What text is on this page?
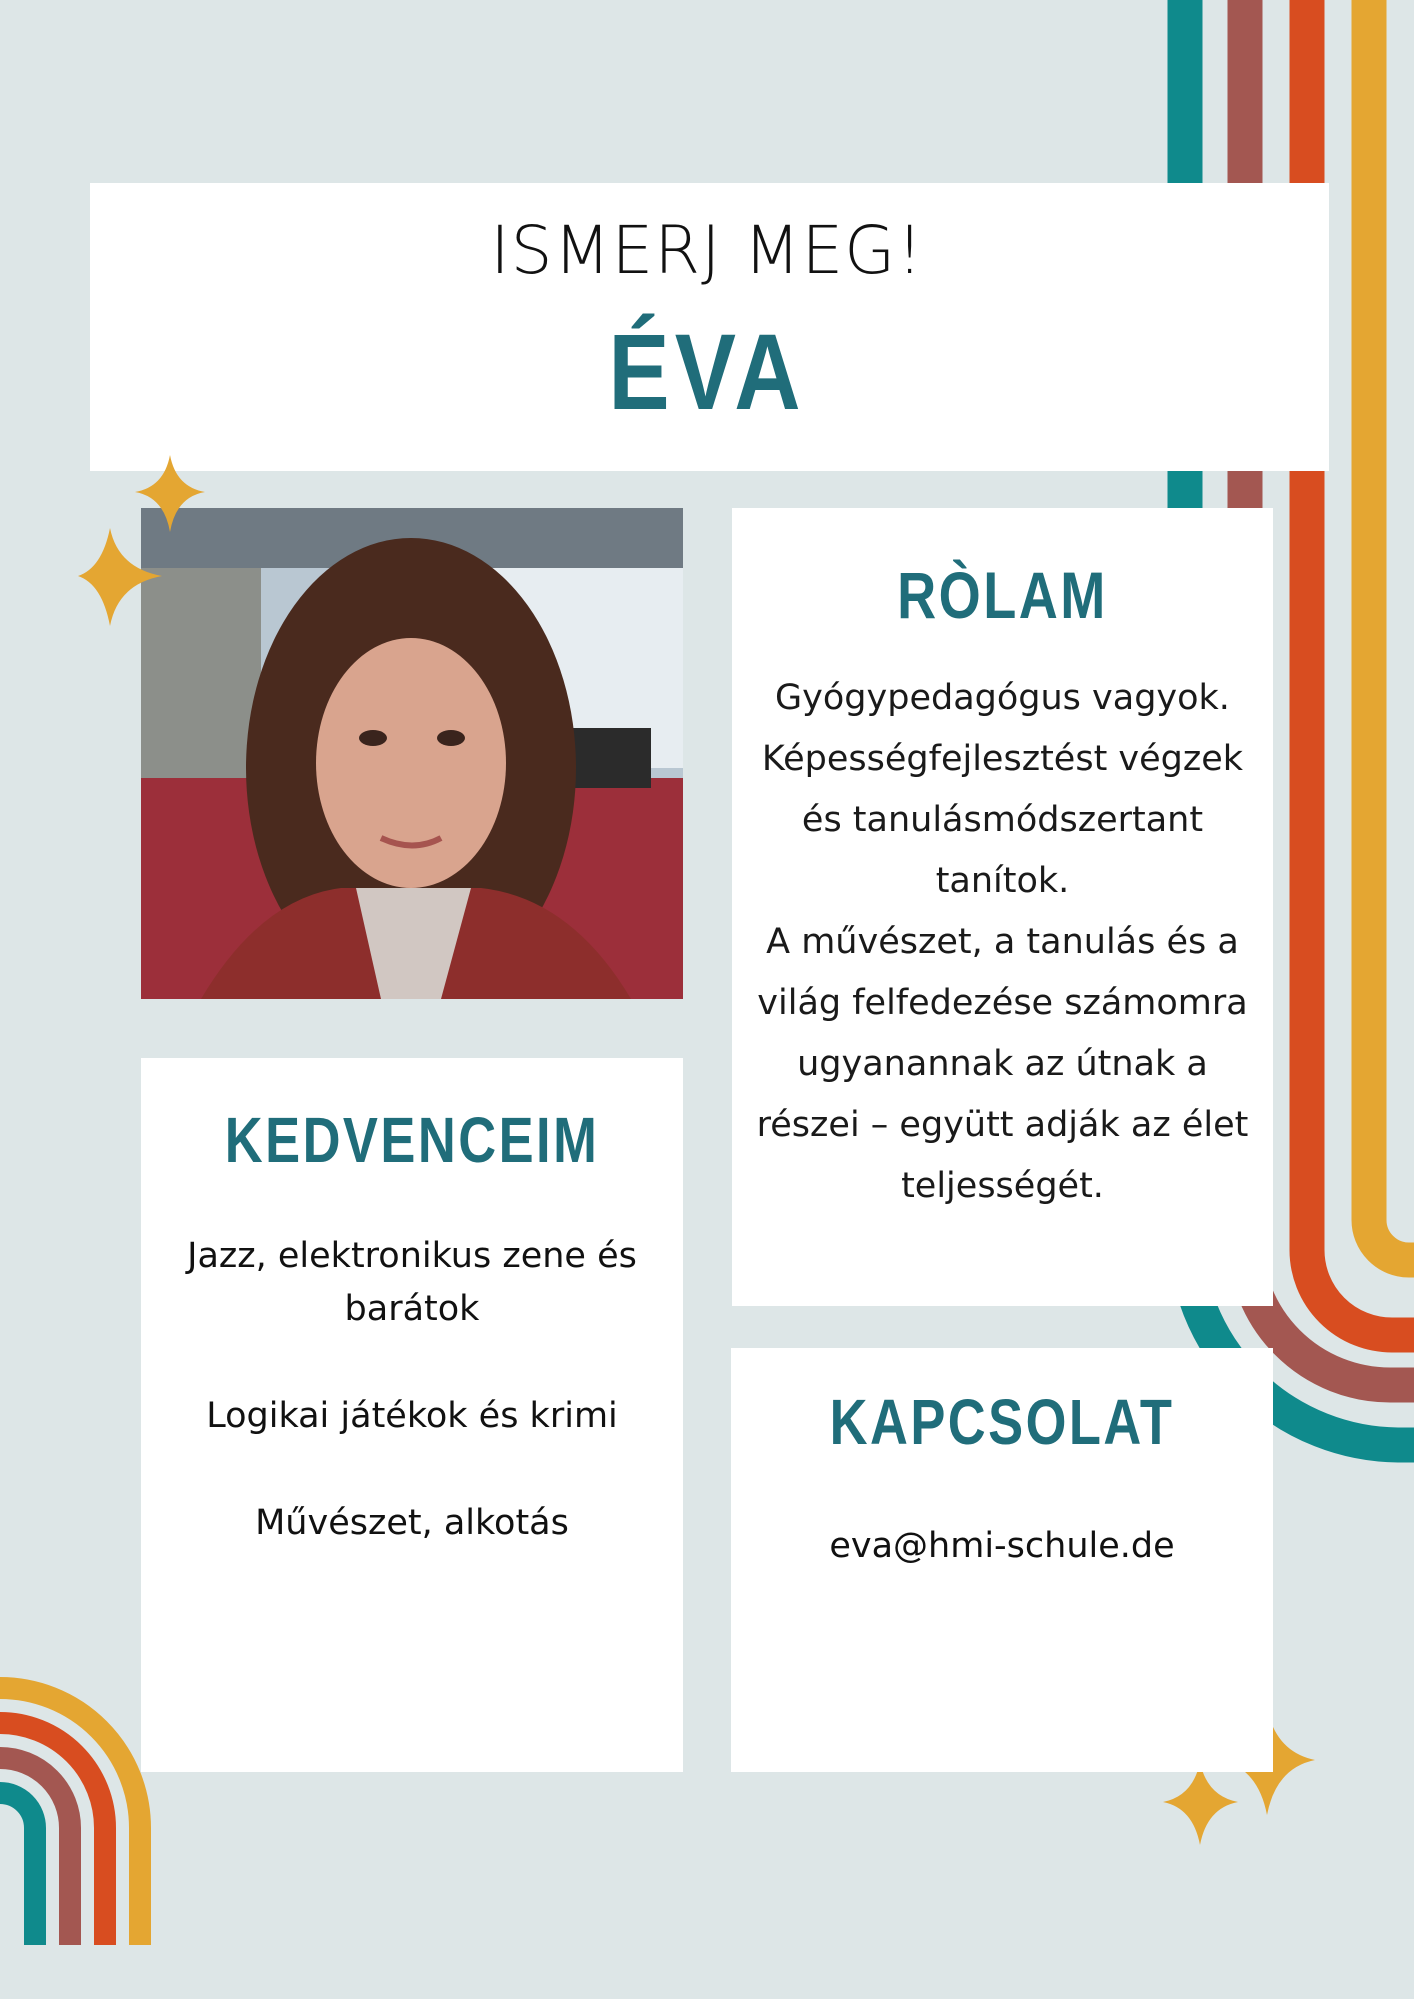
ISMERJ MEG!
ÉVA
RÒLAM
Gyógypedagógus vagyok. Képességfejlesztést végzek és tanulásmódszertant tanítok.
A művészet, a tanulás és a világ felfedezése számomra ugyanannak az útnak a részei – együtt adják az élet teljességét.
KEDVENCEIM
Jazz, elektronikus zene és barátok
Logikai játékok és krimi
Művészet, alkotás
KAPCSOLAT
eva@hmi-schule.de
